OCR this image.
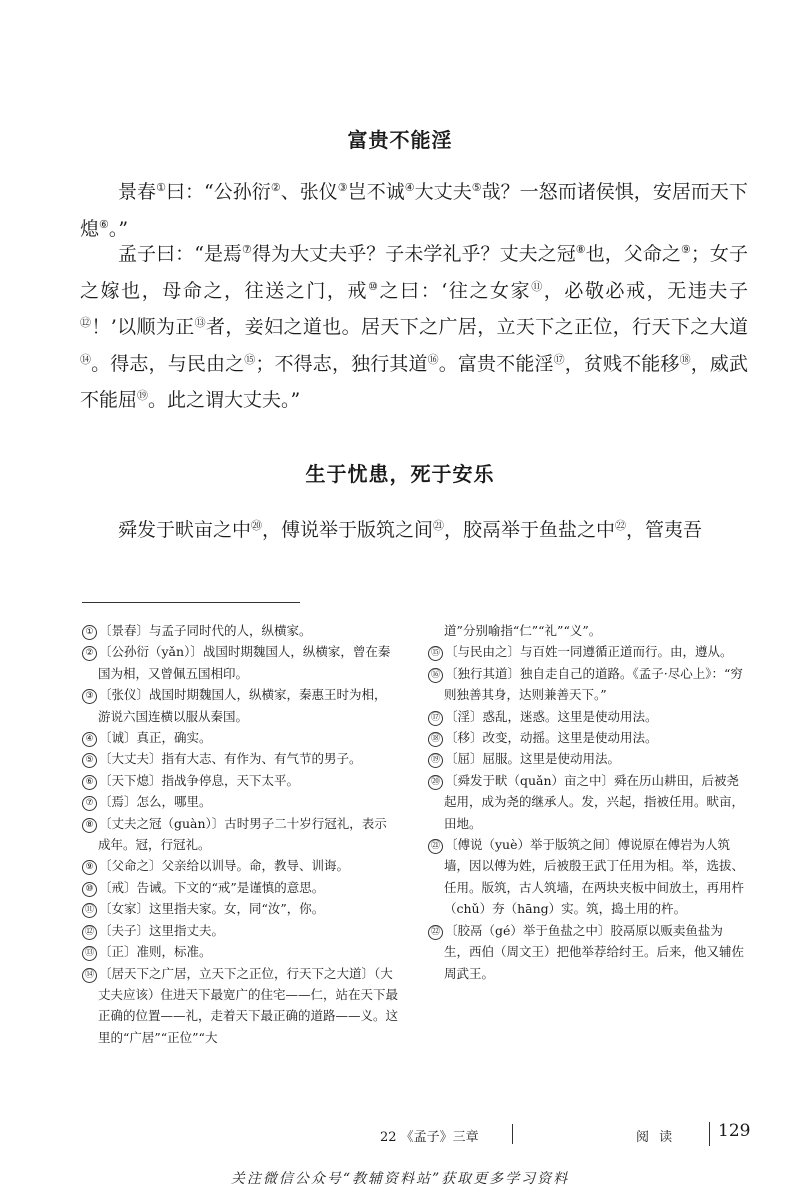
富贵不能淫

景春①曰：“公孙衍②、张仪③岂不诚④大丈夫⑤哉？一怒而诸侯惧，安居而天下熄⑥。”

孟子曰：“是焉⑦得为大丈夫乎？子未学礼乎？丈夫之冠⑧也，父命之⑨；女子之嫁也，母命之，往送之门，戒⑩之曰：‘往之女家⑪，必敬必戒，无违夫子⑫！’以顺为正⑬者，妾妇之道也。居天下之广居，立天下之正位，行天下之大道⑭。得志，与民由之⑮；不得志，独行其道⑯。富贵不能淫⑰，贫贱不能移⑱，威武不能屈⑲。此之谓大丈夫。”

生于忧患，死于安乐

舜发于畎亩之中⑳，傅说举于版筑之间$^㉑$，胶鬲举于鱼盐之中$^㉒$，管夷吾

① 〔景春〕与孟子同时代的人，纵横家。
② 〔公孙衍（yǎn）〕战国时期魏国人，纵横家，曾在秦国为相，又曾佩五国相印。
③ 〔张仪〕战国时期魏国人，纵横家，秦惠王时为相，游说六国连横以服从秦国。
④ 〔诚〕真正，确实。
⑤ 〔大丈夫〕指有大志、有作为、有气节的男子。
⑥ 〔天下熄〕指战争停息，天下太平。
⑦ 〔焉〕怎么，哪里。
⑧ 〔丈夫之冠（guàn）〕古时男子二十岁行冠礼，表示成年。冠，行冠礼。
⑨ 〔父命之〕父亲给以训导。命，教导、训诲。
⑩ 〔戒〕告诫。下文的“戒”是谨慎的意思。
⑪ 〔女家〕这里指夫家。女，同“汝”，你。
⑫ 〔夫子〕这里指丈夫。
⑬ 〔正〕准则，标准。
⑭ 〔居天下之广居，立天下之正位，行天下之大道〕（大丈夫应该）住进天下最宽广的住宅——仁，站在天下最正确的位置——礼，走着天下最正确的道路——义。这里的“广居”“正位”“大
道”分别喻指“仁”“礼”“义”。
⑮ 〔与民由之〕与百姓一同遵循正道而行。由，遵从。
⑯ 〔独行其道〕独自走自己的道路。《孟子·尽心上》：“穷则独善其身，达则兼善天下。”
⑰ 〔淫〕惑乱，迷惑。这里是使动用法。
⑱ 〔移〕改变，动摇。这里是使动用法。
⑲ 〔屈〕屈服。这里是使动用法。
⑳ 〔舜发于畎（quǎn）亩之中〕舜在历山耕田，后被尧起用，成为尧的继承人。发，兴起，指被任用。畎亩，田地。
㉑ 〔傅说（yuè）举于版筑之间〕傅说原在傅岩为人筑墙，因以傅为姓，后被殷王武丁任用为相。举，选拔、任用。版筑，古人筑墙，在两块夹板中间放土，再用杵（chǔ）夯（hāng）实。筑，捣土用的杵。
㉒ 〔胶鬲（gé）举于鱼盐之中〕胶鬲原以贩卖鱼盐为生，西伯（周文王）把他举荐给纣王。后来，他又辅佐周武王。
22 《孟子》三章	阅 读	129
关注微信公众号“教辅资料站”获取更多学习资料
